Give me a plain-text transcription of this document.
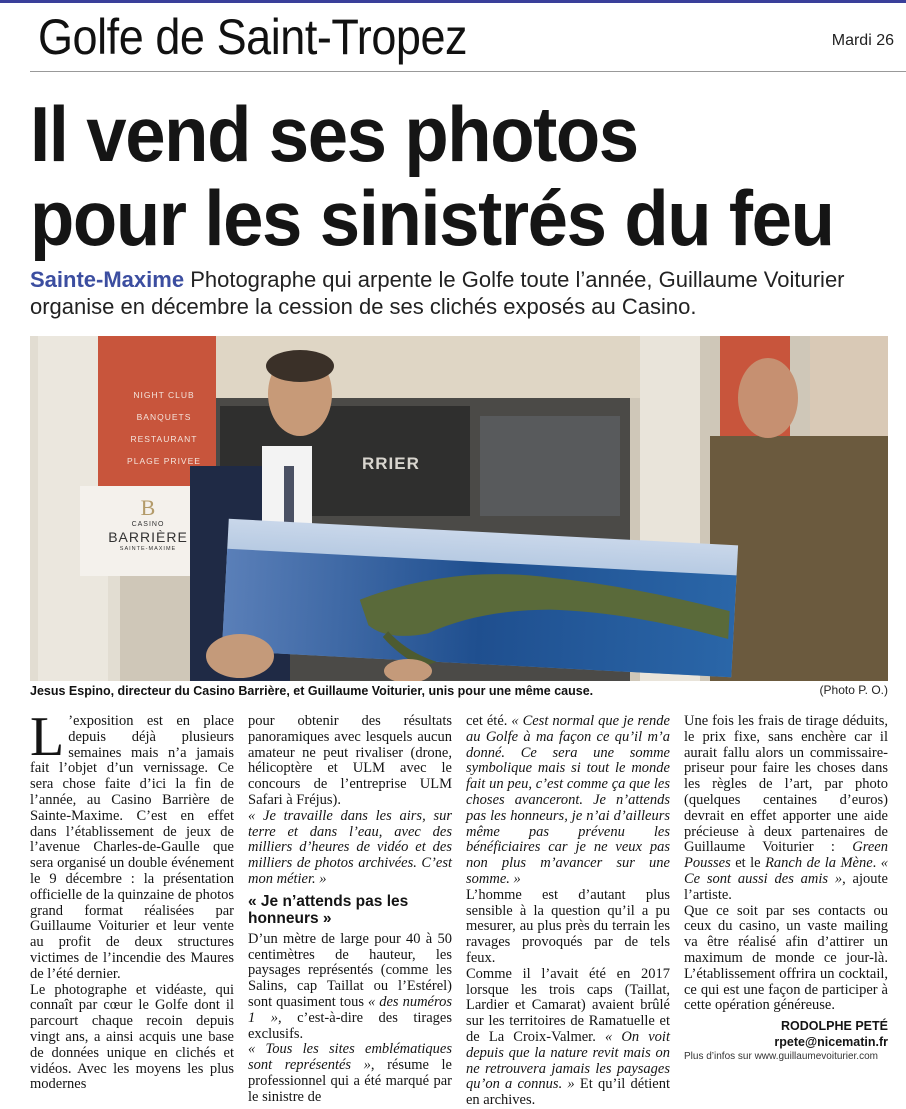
Golfe de Saint-Tropez	Mardi 26
Il vend ses photos
pour les sinistrés du feu
Sainte-Maxime Photographe qui arpente le Golfe toute l’année, Guillaume Voiturier organise en décembre la cession de ses clichés exposés au Casino.
NIGHT CLUB
BANQUETS
RESTAURANT
PLAGE PRIVEE
B
CASINO
BARRIÈRE
SAINTE-MAXIME
RRIER
Jesus Espino, directeur du Casino Barrière, et Guillaume Voiturier, unis pour une même cause.	(Photo P. O.)

L ’exposition est en place depuis déjà plusieurs semaines mais n’a jamais fait l’objet d’un vernissage. Ce sera chose faite d’ici la fin de l’année, au Casino Barrière de Sainte-Maxime. C’est en effet dans l’établissement de jeux de l’avenue Charles-de-Gaulle que sera organisé un double événement le 9 décembre : la présentation officielle de la quinzaine de photos grand format réalisées par Guillaume Voiturier et leur vente au profit de deux structures victimes de l’incendie des Maures de l’été dernier.

Le photographe et vidéaste, qui connaît par cœur le Golfe dont il parcourt chaque recoin depuis vingt ans, a ainsi acquis une base de données unique en clichés et vidéos. Avec les moyens les plus modernes

pour obtenir des résultats panoramiques avec lesquels aucun amateur ne peut rivaliser (drone, hélicoptère et ULM avec le concours de l’entreprise ULM Safari à Fréjus).

« Je travaille dans les airs, sur terre et dans l’eau, avec des milliers d’heures de vidéo et des milliers de photos archivées. C’est mon métier. »

« Je n’attends pas les honneurs »

D’un mètre de large pour 40 à 50 centimètres de hauteur, les paysages représentés (comme les Salins, cap Taillat ou l’Estérel) sont quasiment tous « des numéros 1 », c’est-à-dire des tirages exclusifs.

« Tous les sites emblématiques sont représentés », résume le professionnel qui a été marqué par le sinistre de

cet été. « Cest normal que je rende au Golfe à ma façon ce qu’il m’a donné. Ce sera une somme symbolique mais si tout le monde fait un peu, c’est comme ça que les choses avanceront. Je n’attends pas les honneurs, je n’ai d’ailleurs même pas prévenu les bénéficiaires car je ne veux pas non plus m’avancer sur une somme. »

L’homme est d’autant plus sensible à la question qu’il a pu mesurer, au plus près du terrain les ravages provoqués par de tels feux.

Comme il l’avait été en 2017 lorsque les trois caps (Taillat, Lardier et Camarat) avaient brûlé sur les territoires de Ramatuelle et de La Croix-Valmer. « On voit depuis que la nature revit mais on ne retrouvera jamais les paysages qu’on a connus. » Et qu’il détient en archives.

Une fois les frais de tirage déduits, le prix fixe, sans enchère car il aurait fallu alors un commissaire-priseur pour faire les choses dans les règles de l’art, par photo (quelques centaines d’euros) devrait en effet apporter une aide précieuse à deux partenaires de Guillaume Voiturier : Green Pousses et le Ranch de la Mène. « Ce sont aussi des amis », ajoute l’artiste.

Que ce soit par ses contacts ou ceux du casino, un vaste mailing va être réalisé afin d’attirer un maximum de monde ce jour-là. L’établissement offrira un cocktail, ce qui est une façon de participer à cette opération généreuse.

RODOLPHE PETÉ
rpete@nicematin.fr
Plus d’infos sur www.guillaumevoiturier.com
